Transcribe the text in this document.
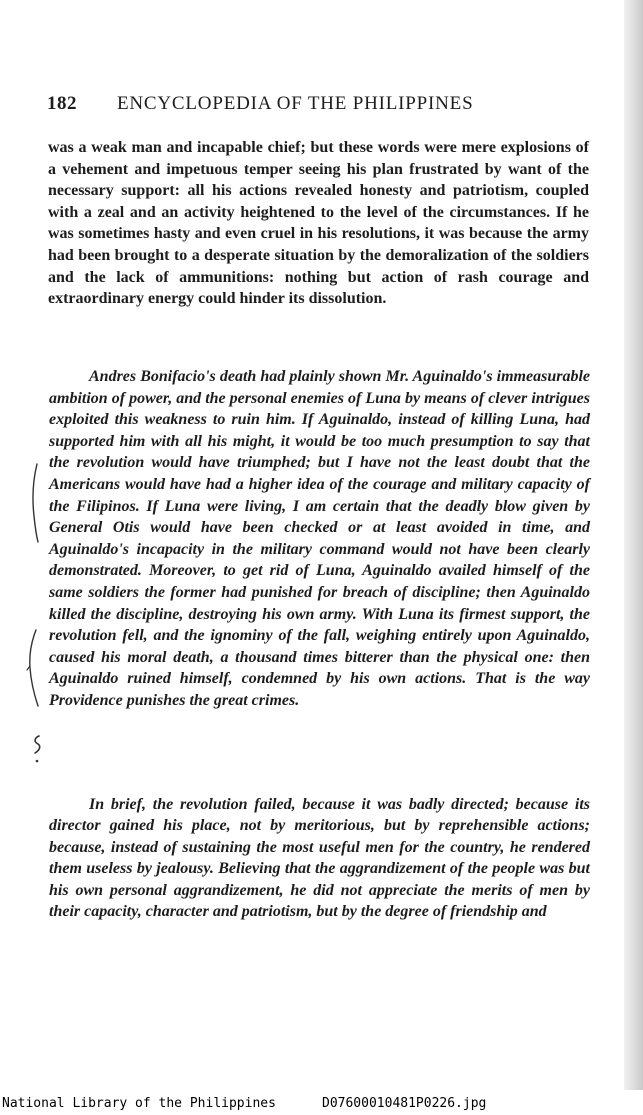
182 ENCYCLOPEDIA OF THE PHILIPPINES

was a weak man and incapable chief; but these words were mere explosions of a vehement and impetuous temper seeing his plan frustrated by want of the necessary support: all his actions revealed honesty and patriotism, coupled with a zeal and an activity heightened to the level of the circumstances. If he was sometimes hasty and even cruel in his resolutions, it was because the army had been brought to a desperate situation by the demoralization of the soldiers and the lack of ammunitions: nothing but action of rash courage and extraordinary energy could hinder its dissolution.

Andres Bonifacio's death had plainly shown Mr. Aguinaldo's immeasurable ambition of power, and the personal enemies of Luna by means of clever intrigues exploited this weakness to ruin him. If Aguinaldo, instead of killing Luna, had supported him with all his might, it would be too much presumption to say that the revolution would have triumphed; but I have not the least doubt that the Americans would have had a higher idea of the courage and military capacity of the Filipinos. If Luna were living, I am certain that the deadly blow given by General Otis would have been checked or at least avoided in time, and Aguinaldo's incapacity in the military command would not have been clearly demonstrated. Moreover, to get rid of Luna, Aguinaldo availed himself of the same soldiers the former had punished for breach of discipline; then Aguinaldo killed the discipline, destroying his own army. With Luna its firmest support, the revolution fell, and the ignominy of the fall, weighing entirely upon Aguinaldo, caused his moral death, a thousand times bitterer than the physical one: then Aguinaldo ruined himself, condemned by his own actions. That is the way Providence punishes the great crimes.

In brief, the revolution failed, because it was badly directed; because its director gained his place, not by meritorious, but by reprehensible actions; because, instead of sustaining the most useful men for the country, he rendered them useless by jealousy. Believing that the aggrandizement of the people was but his own personal aggrandizement, he did not appreciate the merits of men by their capacity, character and patriotism, but by the degree of friendship and

National Library of the Philippines	D07600010481P0226.jpg
